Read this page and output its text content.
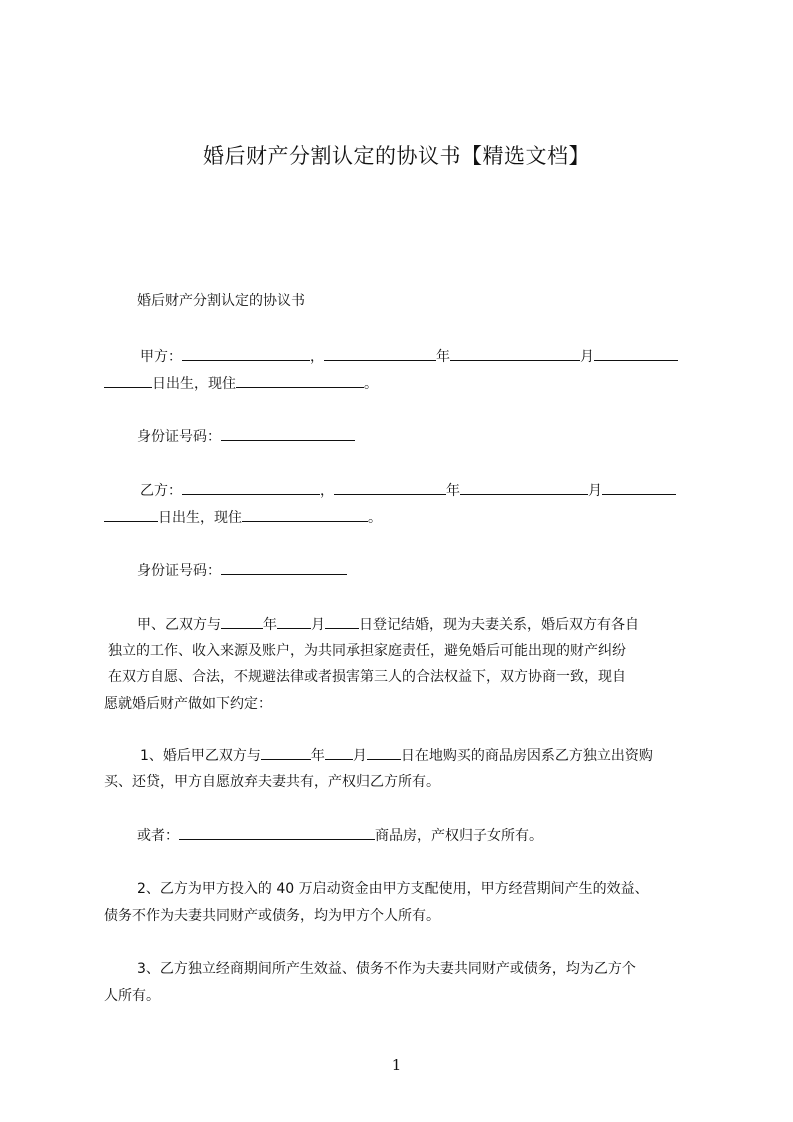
婚后财产分割认定的协议书【精选文档】
婚后财产分割认定的协议书
甲方：	，	年	月
日出生，现住	。
身份证号码：
乙方：	，	年	月
日出生，现住	。
身份证号码：
甲、乙双方与	年 月 日登记结婚，现为夫妻关系，婚后双方有各自
独立的工作、收入来源及账户，为共同承担家庭责任，避免婚后可能出现的财产纠纷
在双方自愿、合法，不规避法律或者损害第三人的合法权益下，双方协商一致，现自
愿就婚后财产做如下约定：
1、婚后甲乙双方与	年 月 日在地购买的商品房因系乙方独立出资购
买、还贷，甲方自愿放弃夫妻共有，产权归乙方所有。
或者：	商品房，产权归子女所有。
2、乙方为甲方投入的 40 万启动资金由甲方支配使用，甲方经营期间产生的效益、
债务不作为夫妻共同财产或债务，均为甲方个人所有。
3、乙方独立经商期间所产生效益、债务不作为夫妻共同财产或债务，均为乙方个
人所有。
1
